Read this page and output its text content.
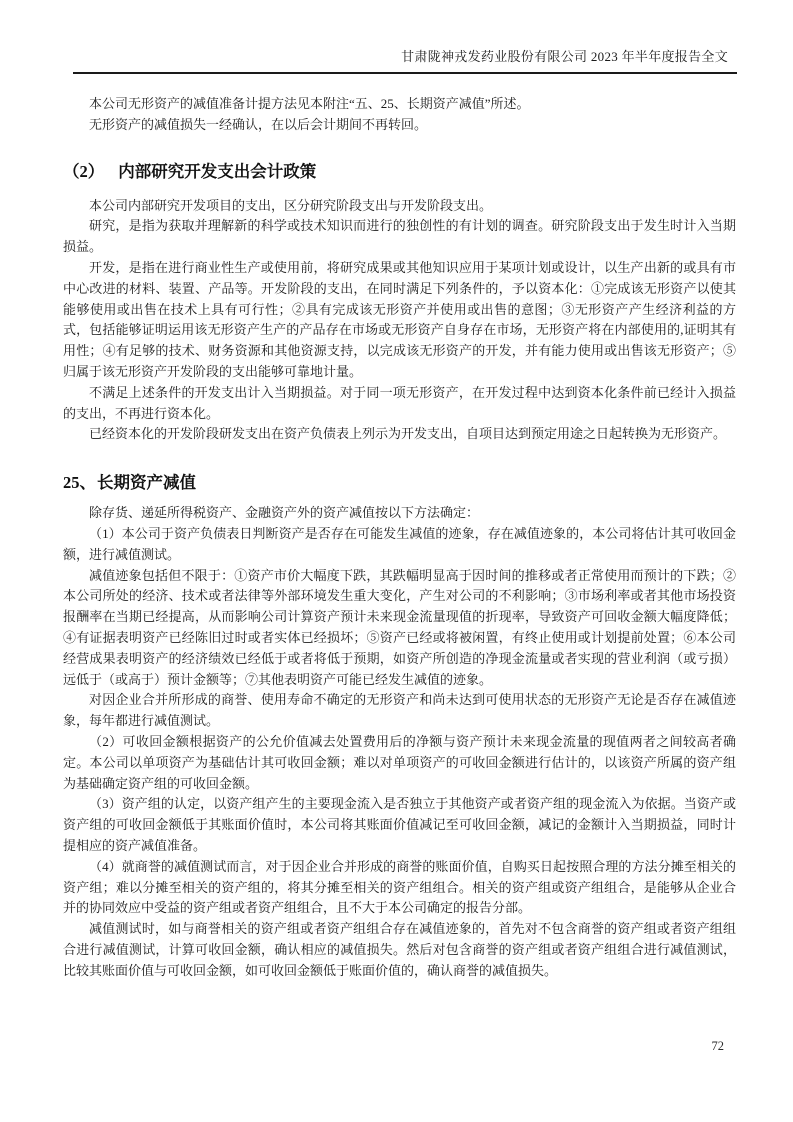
甘肃陇神戎发药业股份有限公司 2023 年半年度报告全文

本公司无形资产的减值准备计提方法见本附注“五、25、长期资产减值”所述。

无形资产的减值损失一经确认，在以后会计期间不再转回。

（2） 内部研究开发支出会计政策

本公司内部研究开发项目的支出，区分研究阶段支出与开发阶段支出。

研究，是指为获取并理解新的科学或技术知识而进行的独创性的有计划的调查。研究阶段支出于发生时计入当期损益。

开发，是指在进行商业性生产或使用前，将研究成果或其他知识应用于某项计划或设计，以生产出新的或具有市中心改进的材料、装置、产品等。开发阶段的支出，在同时满足下列条件的，予以资本化：①完成该无形资产以使其能够使用或出售在技术上具有可行性；②具有完成该无形资产并使用或出售的意图；③无形资产产生经济利益的方式，包括能够证明运用该无形资产生产的产品存在市场或无形资产自身存在市场，无形资产将在内部使用的,证明其有用性；④有足够的技术、财务资源和其他资源支持，以完成该无形资产的开发，并有能力使用或出售该无形资产；⑤归属于该无形资产开发阶段的支出能够可靠地计量。

不满足上述条件的开发支出计入当期损益。对于同一项无形资产，在开发过程中达到资本化条件前已经计入损益的支出，不再进行资本化。

已经资本化的开发阶段研发支出在资产负债表上列示为开发支出，自项目达到预定用途之日起转换为无形资产。

25、长期资产减值

除存货、递延所得税资产、金融资产外的资产减值按以下方法确定：

（1）本公司于资产负债表日判断资产是否存在可能发生减值的迹象，存在减值迹象的，本公司将估计其可收回金额，进行减值测试。

减值迹象包括但不限于：①资产市价大幅度下跌，其跌幅明显高于因时间的推移或者正常使用而预计的下跌；②本公司所处的经济、技术或者法律等外部环境发生重大变化，产生对公司的不利影响；③市场利率或者其他市场投资报酬率在当期已经提高，从而影响公司计算资产预计未来现金流量现值的折现率，导致资产可回收金额大幅度降低；④有证据表明资产已经陈旧过时或者实体已经损坏；⑤资产已经或将被闲置，有终止使用或计划提前处置；⑥本公司经营成果表明资产的经济绩效已经低于或者将低于预期，如资产所创造的净现金流量或者实现的营业利润（或亏损）远低于（或高于）预计金额等；⑦其他表明资产可能已经发生减值的迹象。

对因企业合并所形成的商誉、使用寿命不确定的无形资产和尚未达到可使用状态的无形资产无论是否存在减值迹象，每年都进行减值测试。

（2）可收回金额根据资产的公允价值减去处置费用后的净额与资产预计未来现金流量的现值两者之间较高者确定。本公司以单项资产为基础估计其可收回金额；难以对单项资产的可收回金额进行估计的，以该资产所属的资产组为基础确定资产组的可收回金额。

（3）资产组的认定，以资产组产生的主要现金流入是否独立于其他资产或者资产组的现金流入为依据。当资产或资产组的可收回金额低于其账面价值时，本公司将其账面价值减记至可收回金额，减记的金额计入当期损益，同时计提相应的资产减值准备。

（4）就商誉的减值测试而言，对于因企业合并形成的商誉的账面价值，自购买日起按照合理的方法分摊至相关的资产组；难以分摊至相关的资产组的，将其分摊至相关的资产组组合。相关的资产组或资产组组合，是能够从企业合并的协同效应中受益的资产组或者资产组组合，且不大于本公司确定的报告分部。

减值测试时，如与商誉相关的资产组或者资产组组合存在减值迹象的，首先对不包含商誉的资产组或者资产组组合进行减值测试，计算可收回金额，确认相应的减值损失。然后对包含商誉的资产组或者资产组组合进行减值测试，比较其账面价值与可收回金额，如可收回金额低于账面价值的，确认商誉的减值损失。

72
